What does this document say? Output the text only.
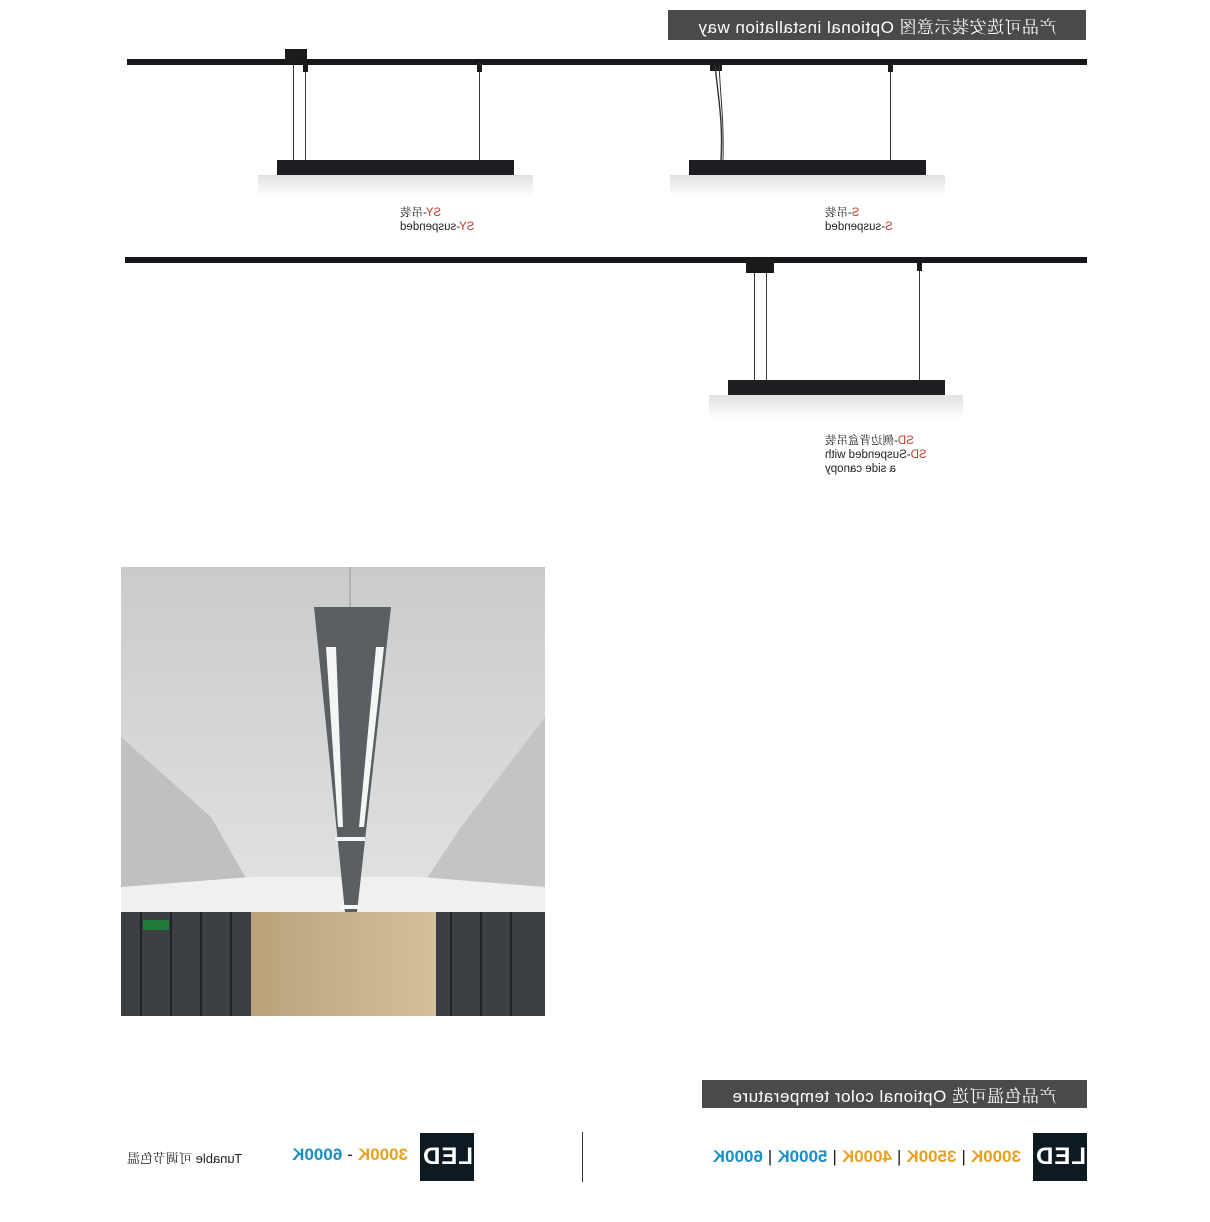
产品可选安装示意图 Optional installation way
SY-吊装
SY-suspended
S-吊装
S-suspended
SD-侧边背盒吊装
SD-Suspended with
a side canopy
产品色温可选 Optional color temperature
LED
3000K
|
3500K
|
4000K
|
5000K
|
6000K
LED
3000K
-
6000K
Tunable 可调节色温
